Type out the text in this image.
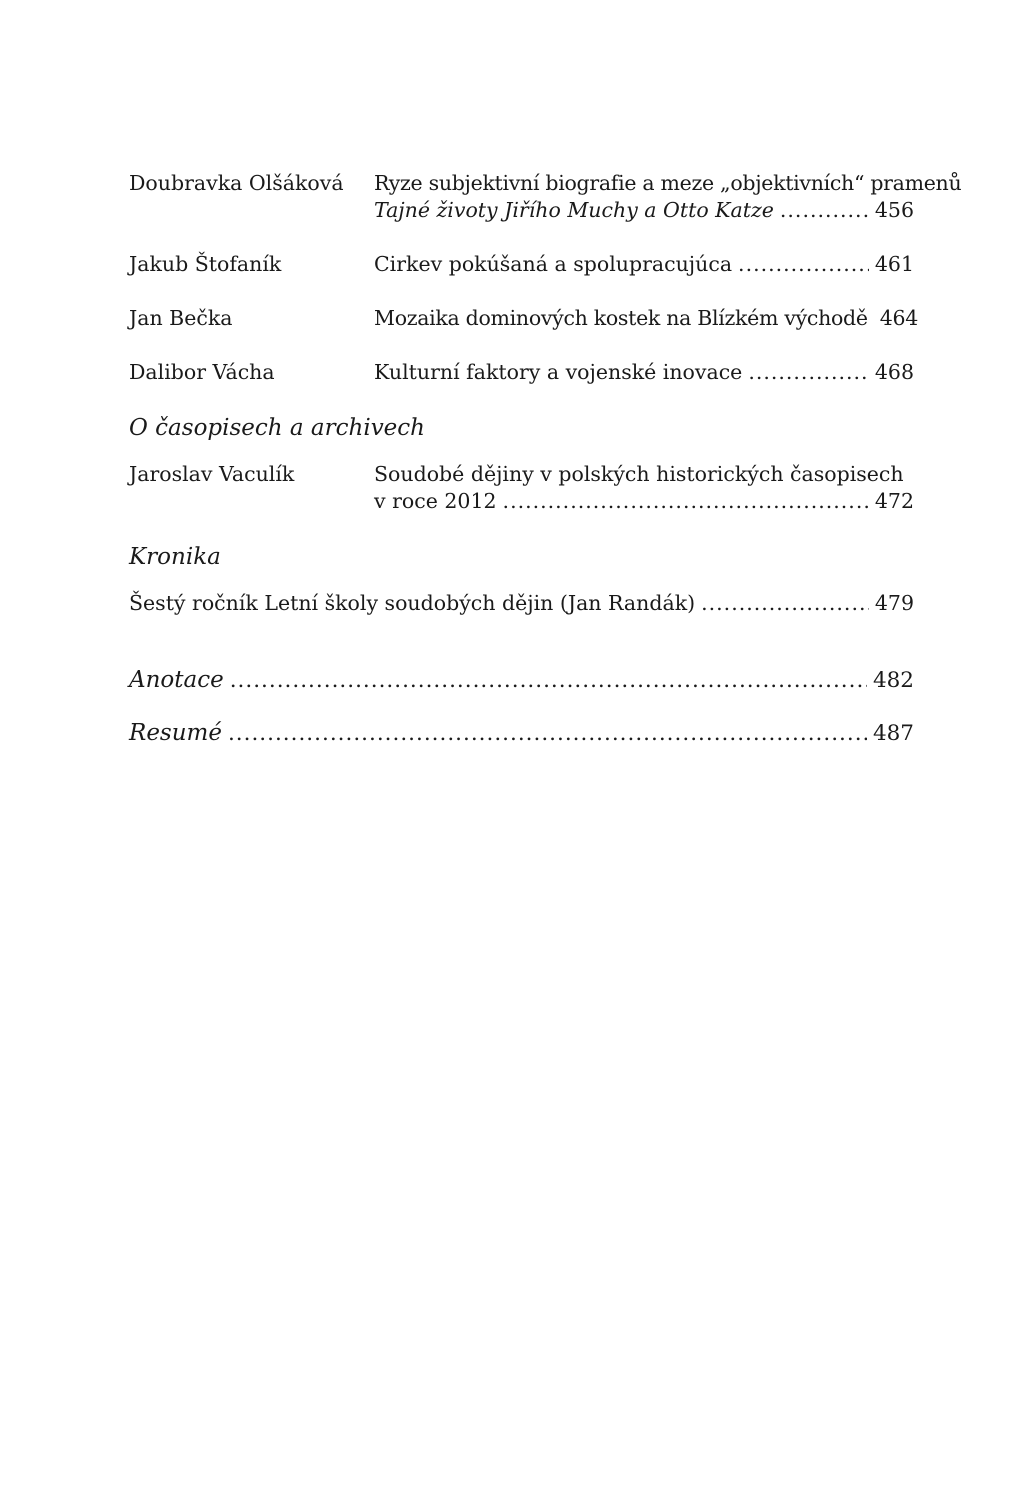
Doubravka Olšáková	Ryze subjektivní biografie a meze „objektivních“ pramenů
Tajné životy Jiřího Muchy a Otto Katze .....	456
Jakub Štofaník	Cirkev pokúšaná a spolupracujúca .....	461
Jan Bečka	Mozaika dominových kostek na Blízkém východě 464
Dalibor Vácha	Kulturní faktory a vojenské inovace .....	468
O časopisech a archivech
Jaroslav Vaculík	Soudobé dějiny v polských historických časopisech
v roce 2012 .....	472
Kronika
Šestý ročník Letní školy soudobých dějin (Jan Randák) .....	479
Anotace .....	482
Resumé .....	487
